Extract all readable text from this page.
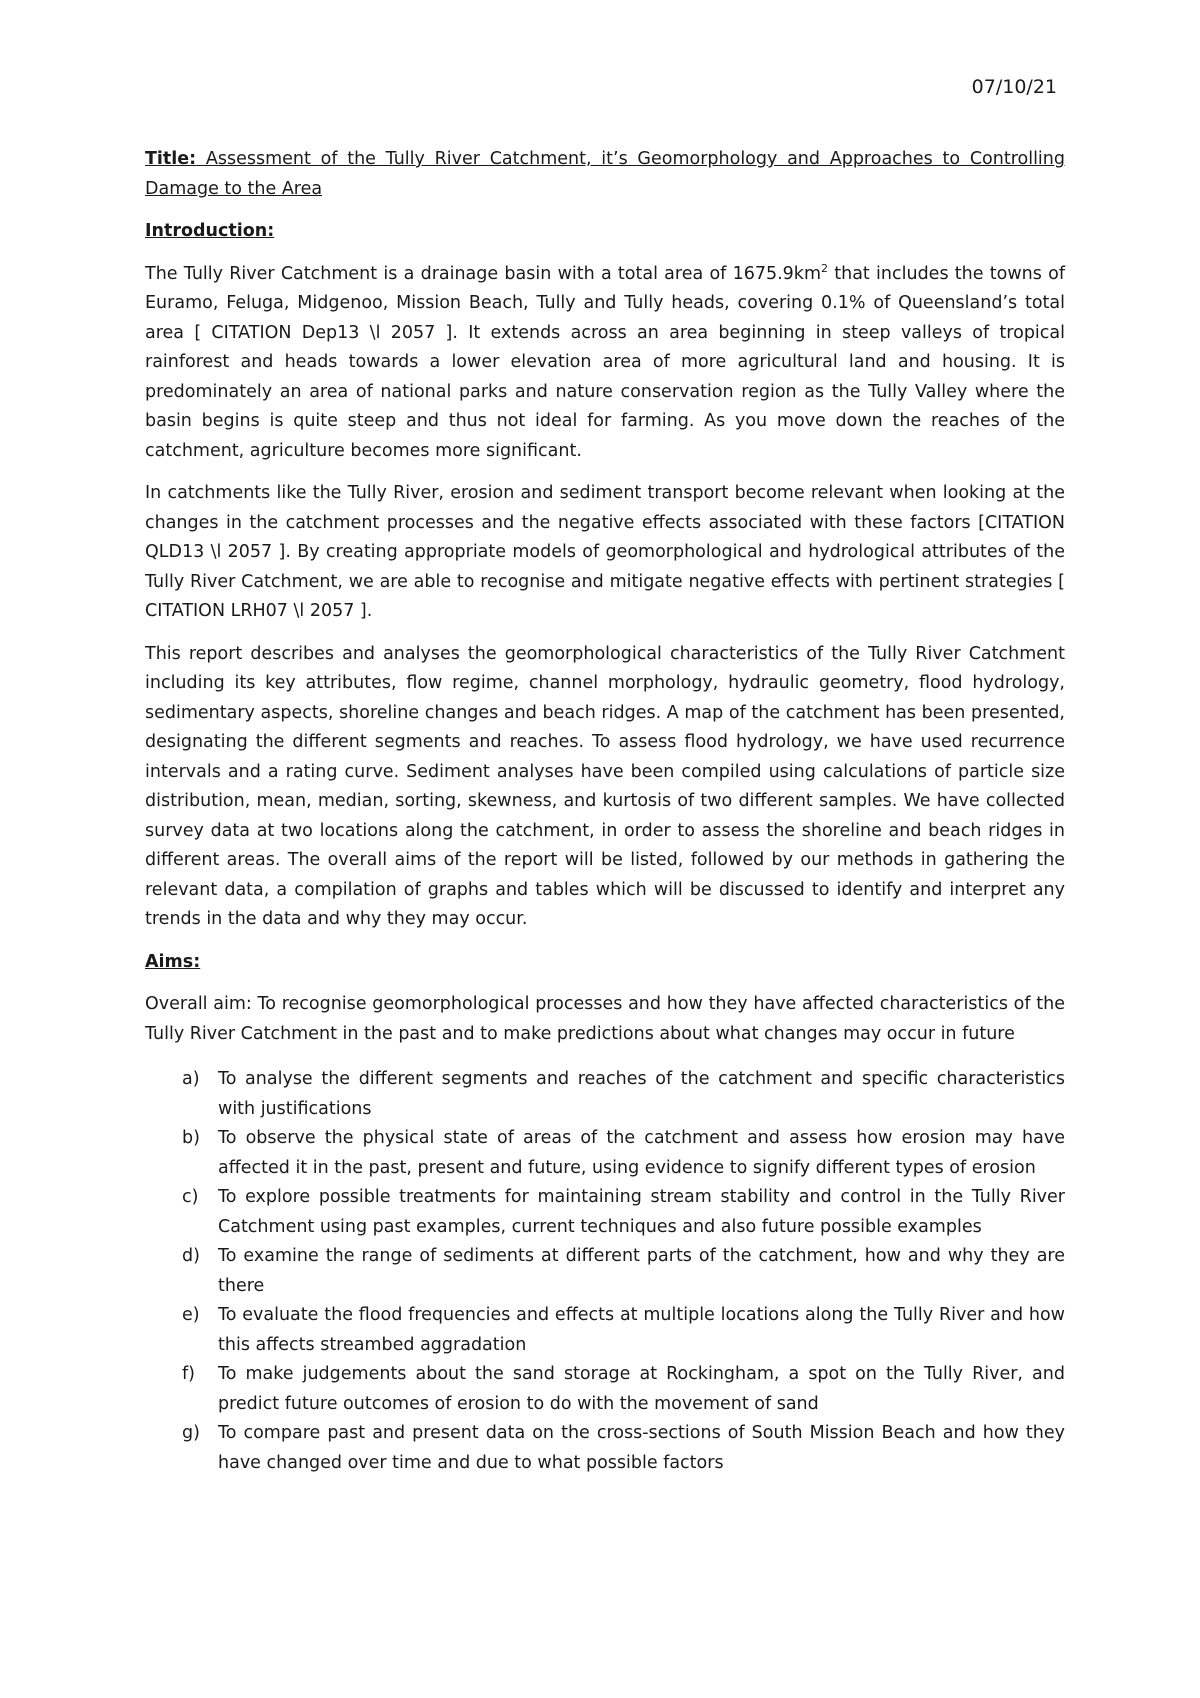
07/10/21

Title: Assessment of the Tully River Catchment, it’s Geomorphology and Approaches to Controlling Damage to the Area

Introduction:

The Tully River Catchment is a drainage basin with a total area of $1675.9km^2$ that includes the towns of Euramo, Feluga, Midgenoo, Mission Beach, Tully and Tully heads, covering 0.1% of Queensland’s total area [ CITATION Dep13 \l 2057 ]. It extends across an area beginning in steep valleys of tropical rainforest and heads towards a lower elevation area of more agricultural land and housing. It is predominately an area of national parks and nature conservation region as the Tully Valley where the basin begins is quite steep and thus not ideal for farming. As you move down the reaches of the catchment, agriculture becomes more significant.

In catchments like the Tully River, erosion and sediment transport become relevant when looking at the changes in the catchment processes and the negative effects associated with these factors [CITATION QLD13 \l 2057 ]. By creating appropriate models of geomorphological and hydrological attributes of the Tully River Catchment, we are able to recognise and mitigate negative effects with pertinent strategies [ CITATION LRH07 \l 2057 ].

This report describes and analyses the geomorphological characteristics of the Tully River Catchment including its key attributes, flow regime, channel morphology, hydraulic geometry, flood hydrology, sedimentary aspects, shoreline changes and beach ridges. A map of the catchment has been presented, designating the different segments and reaches. To assess flood hydrology, we have used recurrence intervals and a rating curve. Sediment analyses have been compiled using calculations of particle size distribution, mean, median, sorting, skewness, and kurtosis of two different samples. We have collected survey data at two locations along the catchment, in order to assess the shoreline and beach ridges in different areas. The overall aims of the report will be listed, followed by our methods in gathering the relevant data, a compilation of graphs and tables which will be discussed to identify and interpret any trends in the data and why they may occur.

Aims:

Overall aim: To recognise geomorphological processes and how they have affected characteristics of the Tully River Catchment in the past and to make predictions about what changes may occur in future

a) To analyse the different segments and reaches of the catchment and specific characteristics with justifications
b) To observe the physical state of areas of the catchment and assess how erosion may have affected it in the past, present and future, using evidence to signify different types of erosion
c) To explore possible treatments for maintaining stream stability and control in the Tully River Catchment using past examples, current techniques and also future possible examples
d) To examine the range of sediments at different parts of the catchment, how and why they are there
e) To evaluate the flood frequencies and effects at multiple locations along the Tully River and how this affects streambed aggradation
f) To make judgements about the sand storage at Rockingham, a spot on the Tully River, and predict future outcomes of erosion to do with the movement of sand
g) To compare past and present data on the cross-sections of South Mission Beach and how they have changed over time and due to what possible factors
